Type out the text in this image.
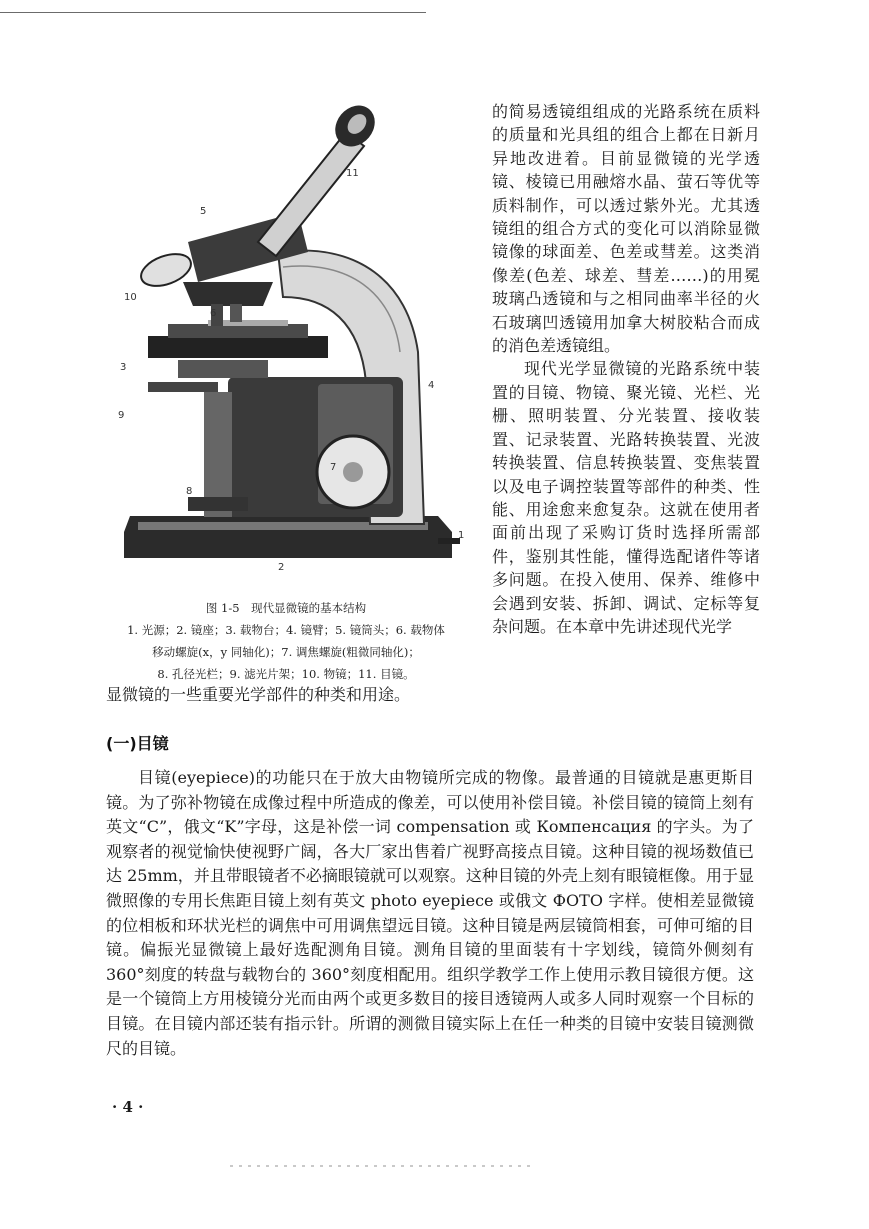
11
5
10
6
3
4
9
7
8
1
2
图 1-5　现代显微镜的基本结构
1. 光源；2. 镜座；3. 载物台；4. 镜臂；5. 镜筒头；6. 载物体
移动螺旋(x，y 同轴化)；7. 调焦螺旋(粗微同轴化)；
8. 孔径光栏；9. 滤光片架；10. 物镜；11. 目镜。

的简易透镜组组成的光路系统在质料的质量和光具组的组合上都在日新月异地改进着。目前显微镜的光学透镜、棱镜已用融熔水晶、萤石等优等质料制作，可以透过紫外光。尤其透镜组的组合方式的变化可以消除显微镜像的球面差、色差或彗差。这类消像差(色差、球差、彗差……)的用冕玻璃凸透镜和与之相同曲率半径的火石玻璃凹透镜用加拿大树胶粘合而成的消色差透镜组。

现代光学显微镜的光路系统中装置的目镜、物镜、聚光镜、光栏、光栅、照明装置、分光装置、接收装置、记录装置、光路转换装置、光波转换装置、信息转换装置、变焦装置以及电子调控装置等部件的种类、性能、用途愈来愈复杂。这就在使用者面前出现了采购订货时选择所需部件，鉴别其性能，懂得选配诸件等诸多问题。在投入使用、保养、维修中会遇到安装、拆卸、调试、定标等复杂问题。在本章中先讲述现代光学

显微镜的一些重要光学部件的种类和用途。
(一)目镜

目镜(eyepiece)的功能只在于放大由物镜所完成的物像。最普通的目镜就是惠更斯目镜。为了弥补物镜在成像过程中所造成的像差，可以使用补偿目镜。补偿目镜的镜筒上刻有英文“C”，俄文“K”字母，这是补偿一词 compensation 或 Компенсация 的字头。为了观察者的视觉愉快使视野广阔，各大厂家出售着广视野高接点目镜。这种目镜的视场数值已达 25mm，并且带眼镜者不必摘眼镜就可以观察。这种目镜的外壳上刻有眼镜框像。用于显微照像的专用长焦距目镜上刻有英文 photo eyepiece 或俄文 ФОТО 字样。使相差显微镜的位相板和环状光栏的调焦中可用调焦望远目镜。这种目镜是两层镜筒相套，可伸可缩的目镜。偏振光显微镜上最好选配测角目镜。测角目镜的里面装有十字划线，镜筒外侧刻有 360°刻度的转盘与载物台的 360°刻度相配用。组织学教学工作上使用示教目镜很方便。这是一个镜筒上方用棱镜分光而由两个或更多数目的接目透镜两人或多人同时观察一个目标的目镜。在目镜内部还装有指示针。所谓的测微目镜实际上在任一种类的目镜中安装目镜测微尺的目镜。

· 4 ·
